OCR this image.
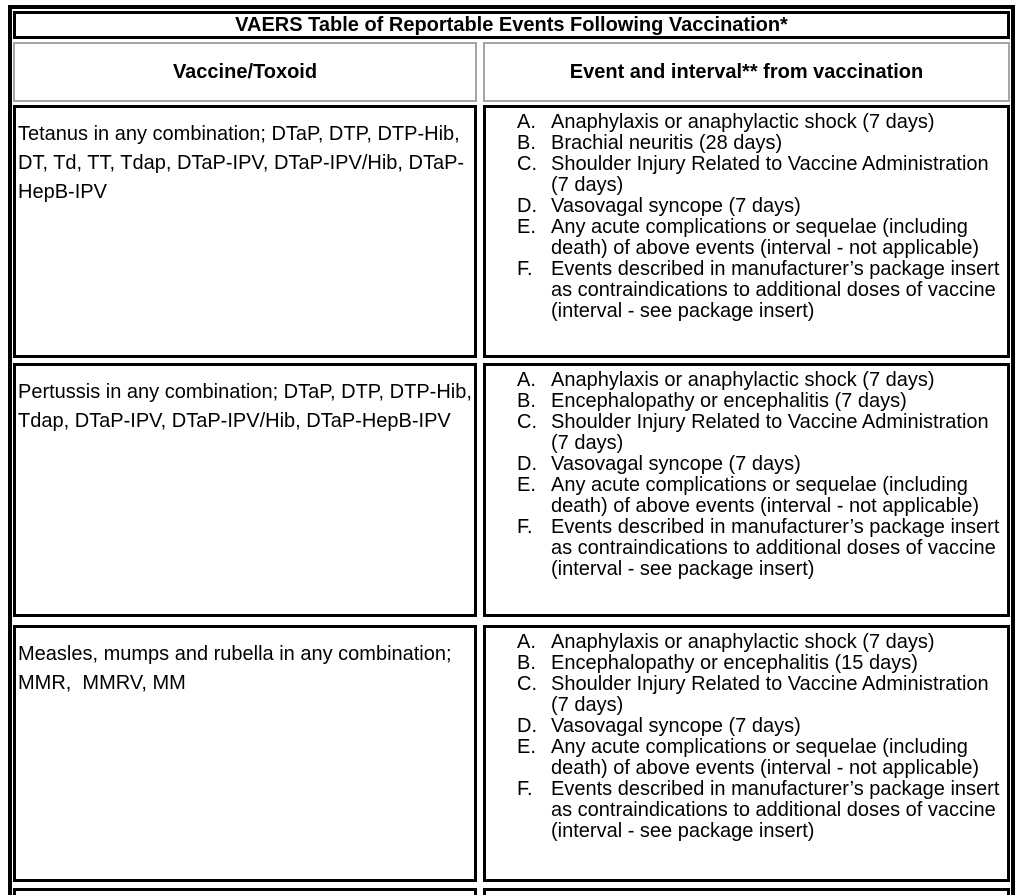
VAERS Table of Reportable Events Following Vaccination*
Vaccine/Toxoid	Event and interval** from vaccination
Tetanus in any combination; DTaP, DTP, DTP-Hib, DT, Td, TT, Tdap, DTaP-IPV, DTaP-IPV/Hib, DTaP-HepB-IPV
A. Anaphylaxis or anaphylactic shock (7 days)
B. Brachial neuritis (28 days)
C. Shoulder Injury Related to Vaccine Administration (7 days)
D. Vasovagal syncope (7 days)
E. Any acute complications or sequelae (including death) of above events (interval - not applicable)
F. Events described in manufacturer’s package insert as contraindications to additional doses of vaccine (interval - see package insert)
Pertussis in any combination; DTaP, DTP, DTP-Hib, Tdap, DTaP-IPV, DTaP-IPV/Hib, DTaP-HepB-IPV
A. Anaphylaxis or anaphylactic shock (7 days)
B. Encephalopathy or encephalitis (7 days)
C. Shoulder Injury Related to Vaccine Administration (7 days)
D. Vasovagal syncope (7 days)
E. Any acute complications or sequelae (including death) of above events (interval - not applicable)
F. Events described in manufacturer’s package insert as contraindications to additional doses of vaccine (interval - see package insert)
Measles, mumps and rubella in any combination; MMR,  MMRV, MM
A. Anaphylaxis or anaphylactic shock (7 days)
B. Encephalopathy or encephalitis (15 days)
C. Shoulder Injury Related to Vaccine Administration (7 days)
D. Vasovagal syncope (7 days)
E. Any acute complications or sequelae (including death) of above events (interval - not applicable)
F. Events described in manufacturer’s package insert as contraindications to additional doses of vaccine (interval - see package insert)
